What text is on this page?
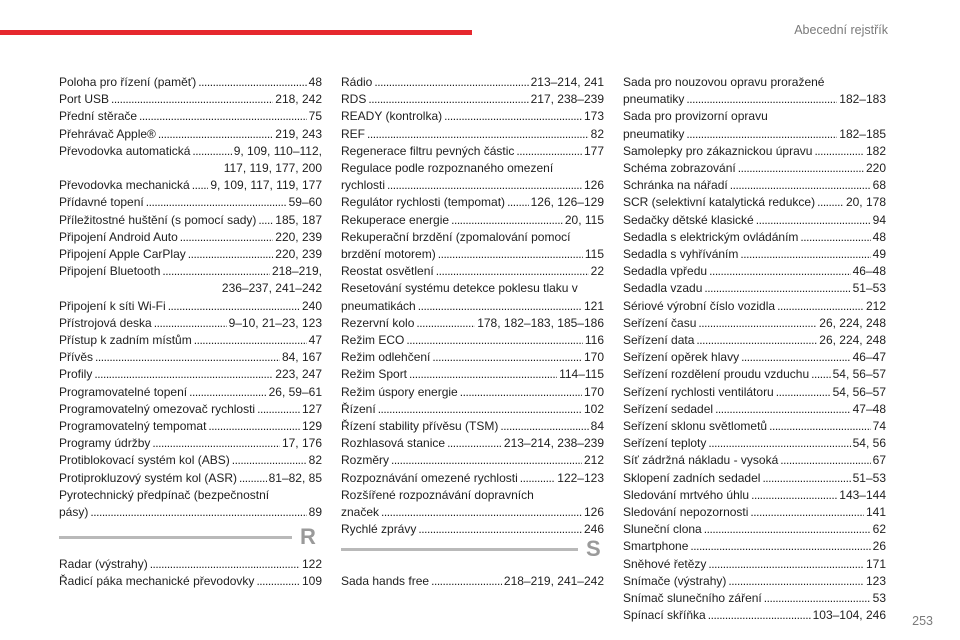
Abecední rejstřík
Poloha pro řízení (paměť) . . .	48
Port USB . . .	218, 242
Přední stěrače . . .	75
Přehrávač Apple® . . .	219, 243
Převodovka automatická . . .	9, 109, 110–112,
117, 119, 177, 200
Převodovka mechanická . . . 9, 109, 117, 119, 177
Přídavné topení . . .	59–60
Příležitostné huštění (s pomocí sady) . . . 185, 187
Připojení Android Auto . . .	220, 239
Připojení Apple CarPlay . . .	220, 239
Připojení Bluetooth . . .	218–219,
236–237, 241–242
Připojení k síti Wi-Fi . . .	240
Přístrojová deska . . .	9–10, 21–23, 123
Přístup k zadním místům . . .	47
Přívěs . . .	84, 167
Profily . . .	223, 247
Programovatelné topení . . .	26, 59–61
Programovatelný omezovač rychlosti . . .	127
Programovatelný tempomat . . .	129
Programy údržby . . .	17, 176
Protiblokovací systém kol (ABS) . . .	82
Protiprokluzový systém kol (ASR) . . .	81–82, 85
Pyrotechnický předpínač (bezpečnostní
pásy) . . .	89
R
Radar (výstrahy) . . .	122
Řadicí páka mechanické převodovky . . .	109
Rádio . . .	213–214, 241
RDS . . .	217, 238–239
READY (kontrolka) . . .	173
REF . . .	82
Regenerace filtru pevných částic . . .	177
Regulace podle rozpoznaného omezení
rychlosti . . .	126
Regulátor rychlosti (tempomat) . . . 126, 126–129
Rekuperace energie . . .	20, 115
Rekuperační brzdění (zpomalování pomocí
brzdění motorem) . . .	115
Reostat osvětlení . . .	22
Resetování systému detekce poklesu tlaku v
pneumatikách . . .	121
Rezervní kolo . . .	178, 182–183, 185–186
Režim ECO . . .	116
Režim odlehčení . . .	170
Režim Sport . . .	114–115
Režim úspory energie . . .	170
Řízení . . .	102
Řízení stability přívěsu (TSM) . . .	84
Rozhlasová stanice . . .	213–214, 238–239
Rozměry . . .	212
Rozpoznávání omezené rychlosti . . .	122–123
Rozšířené rozpoznávání dopravních
značek . . .	126
Rychlé zprávy . . .	246
S
Sada hands free . . .	218–219, 241–242
Sada pro nouzovou opravu proražené
pneumatiky . . .	182–183
Sada pro provizorní opravu
pneumatiky . . .	182–185
Samolepky pro zákaznickou úpravu . . .	182
Schéma zobrazování . . .	220
Schránka na nářadí . . .	68
SCR (selektivní katalytická redukce) . . .	20, 178
Sedačky dětské klasické . . .	94
Sedadla s elektrickým ovládáním . . .	48
Sedadla s vyhříváním . . .	49
Sedadla vpředu . . .	46–48
Sedadla vzadu . . .	51–53
Sériové výrobní číslo vozidla . . .	212
Seřízení času . . .	26, 224, 248
Seřízení data . . .	26, 224, 248
Seřízení opěrek hlavy . . .	46–47
Seřízení rozdělení proudu vzduchu . . . 54, 56–57
Seřízení rychlosti ventilátoru . . .	54, 56–57
Seřízení sedadel . . .	47–48
Seřízení sklonu světlometů . . .	74
Seřízení teploty . . .	54, 56
Síť zádržná nákladu - vysoká . . .	67
Sklopení zadních sedadel . . .	51–53
Sledování mrtvého úhlu . . .	143–144
Sledování nepozornosti . . .	141
Sluneční clona . . .	62
Smartphone . . .	26
Sněhové řetězy . . .	171
Snímače (výstrahy) . . .	123
Snímač slunečního záření . . .	53
Spínací skříňka . . .	103–104, 246 253
